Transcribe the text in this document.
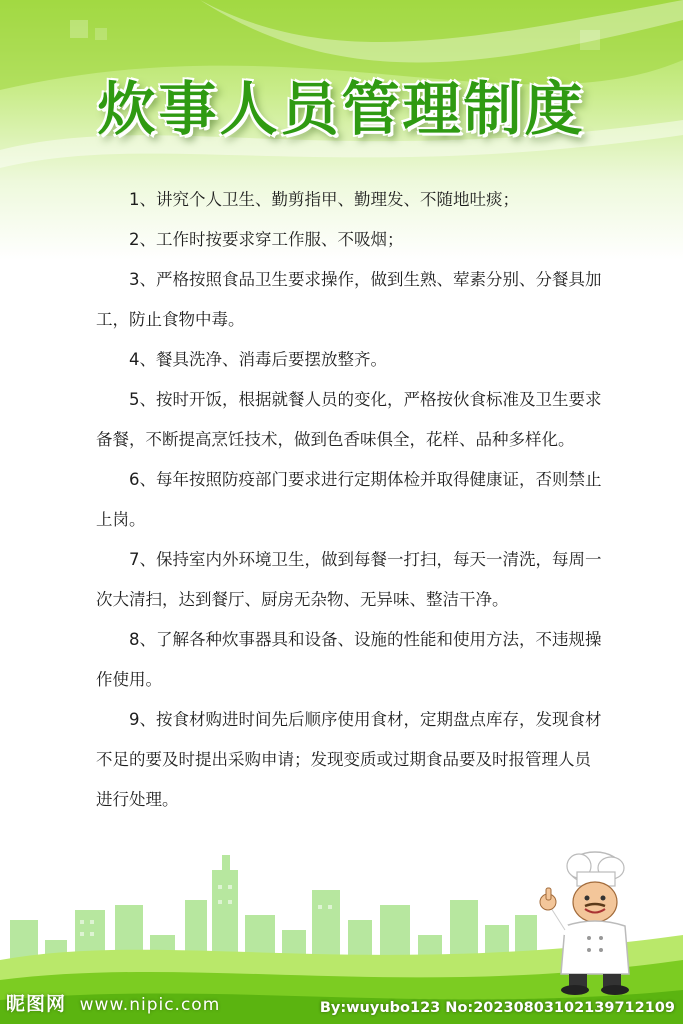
炊事人员管理制度
1、讲究个人卫生、勤剪指甲、勤理发、不随地吐痰；
2、工作时按要求穿工作服、不吸烟；
3、严格按照食品卫生要求操作，做到生熟、荤素分别、分餐具加工，防止食物中毒。
4、餐具洗净、消毒后要摆放整齐。
5、按时开饭，根据就餐人员的变化，严格按伙食标准及卫生要求备餐，不断提高烹饪技术，做到色香味俱全，花样、品种多样化。
6、每年按照防疫部门要求进行定期体检并取得健康证，否则禁止上岗。
7、保持室内外环境卫生，做到每餐一打扫，每天一清洗，每周一次大清扫，达到餐厅、厨房无杂物、无异味、整洁干净。
8、了解各种炊事器具和设备、设施的性能和使用方法，不违规操作使用。
9、按食材购进时间先后顺序使用食材，定期盘点库存，发现食材不足的要及时提出采购申请；发现变质或过期食品要及时报管理人员进行处理。
昵图网 www.nipic.com	By:wuyubo123 No:20230803102139712109
